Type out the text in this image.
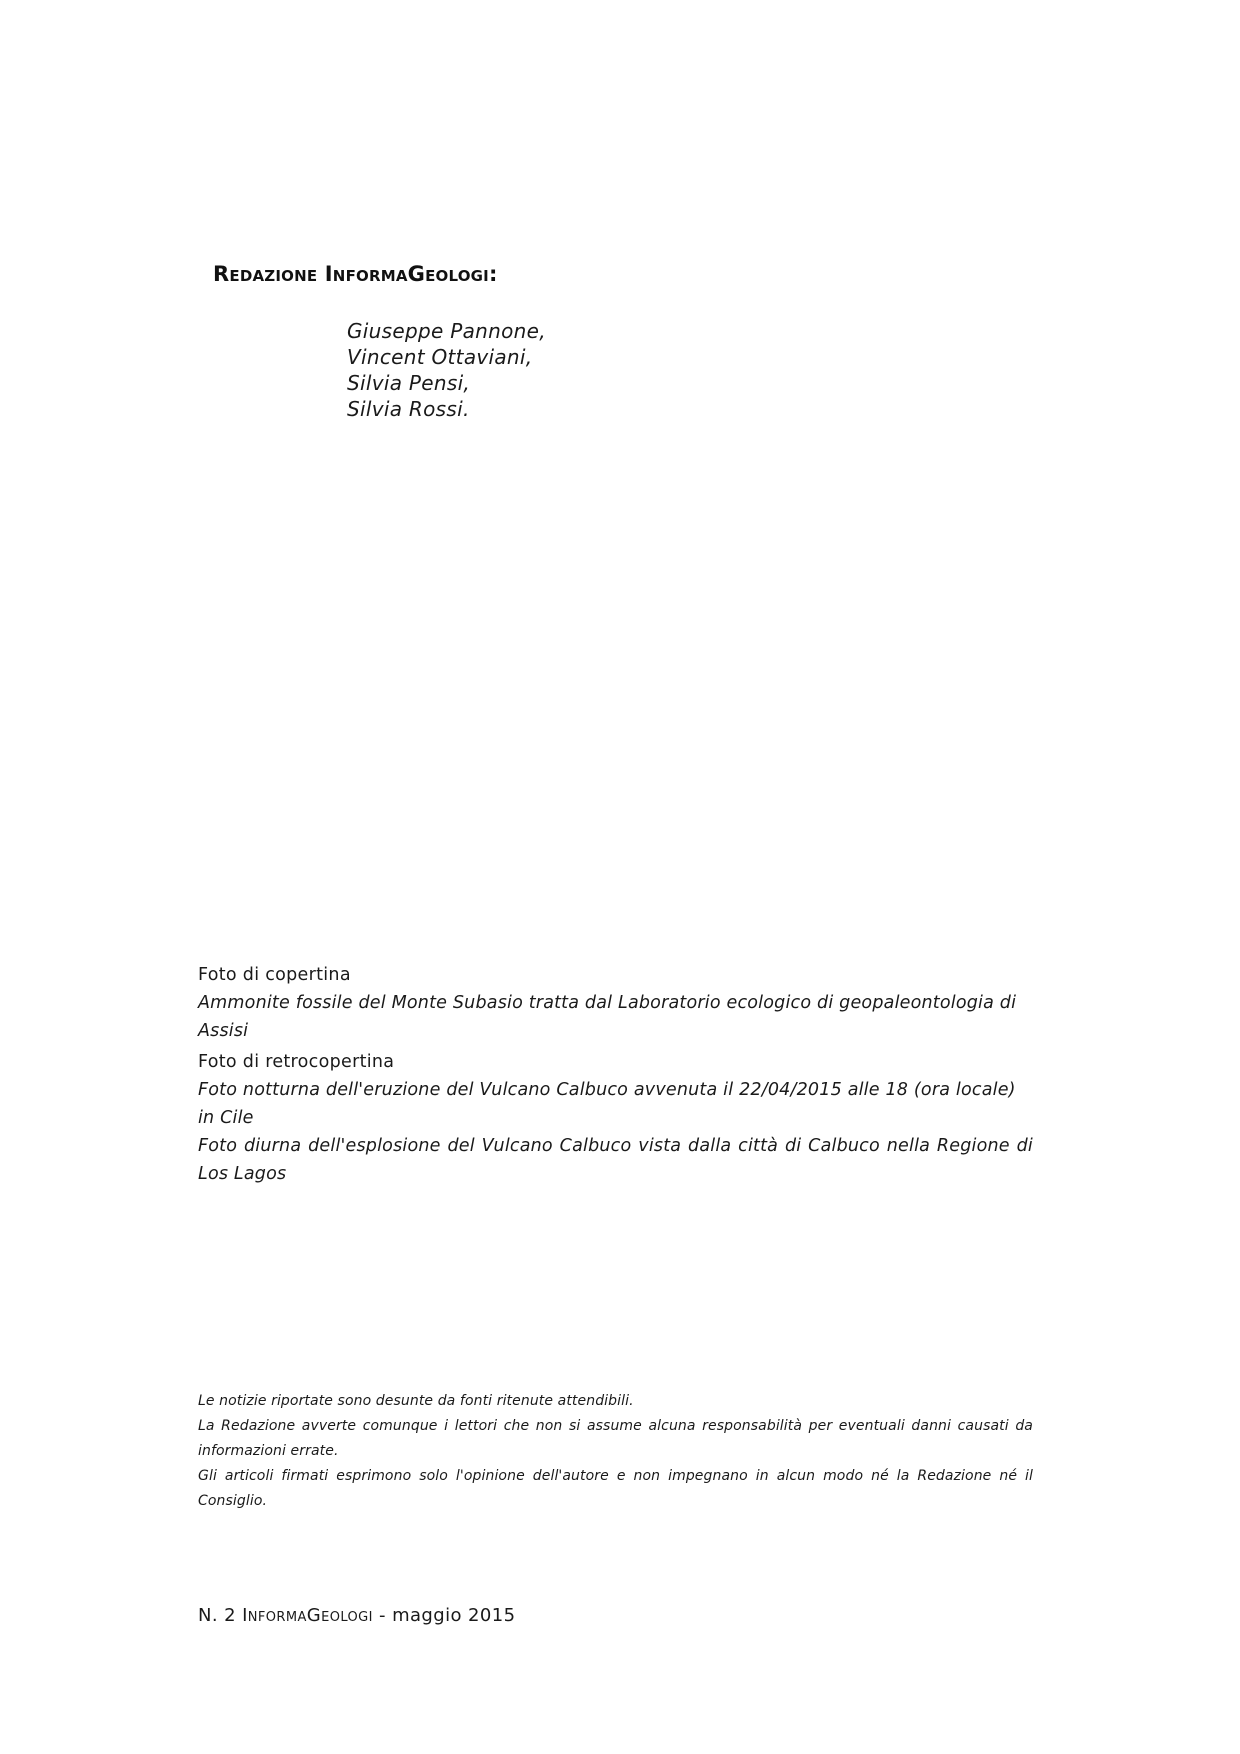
Redazione InformaGeologi:
Giuseppe Pannone,
Vincent Ottaviani,
Silvia Pensi,
Silvia Rossi.
Foto di copertina
Ammonite fossile del Monte Subasio tratta dal Laboratorio ecologico di geopaleontologia di Assisi
Foto di retrocopertina
Foto notturna dell'eruzione del Vulcano Calbuco avvenuta il 22/04/2015 alle 18 (ora locale) in Cile
Foto diurna dell'esplosione del Vulcano Calbuco vista dalla città di Calbuco nella Regione di Los Lagos

Le notizie riportate sono desunte da fonti ritenute attendibili.

La Redazione avverte comunque i lettori che non si assume alcuna responsabilità per eventuali danni causati da informazioni errate.

Gli articoli firmati esprimono solo l'opinione dell'autore e non impegnano in alcun modo né la Redazione né il Consiglio.

N. 2 InformaGeologi - maggio 2015
